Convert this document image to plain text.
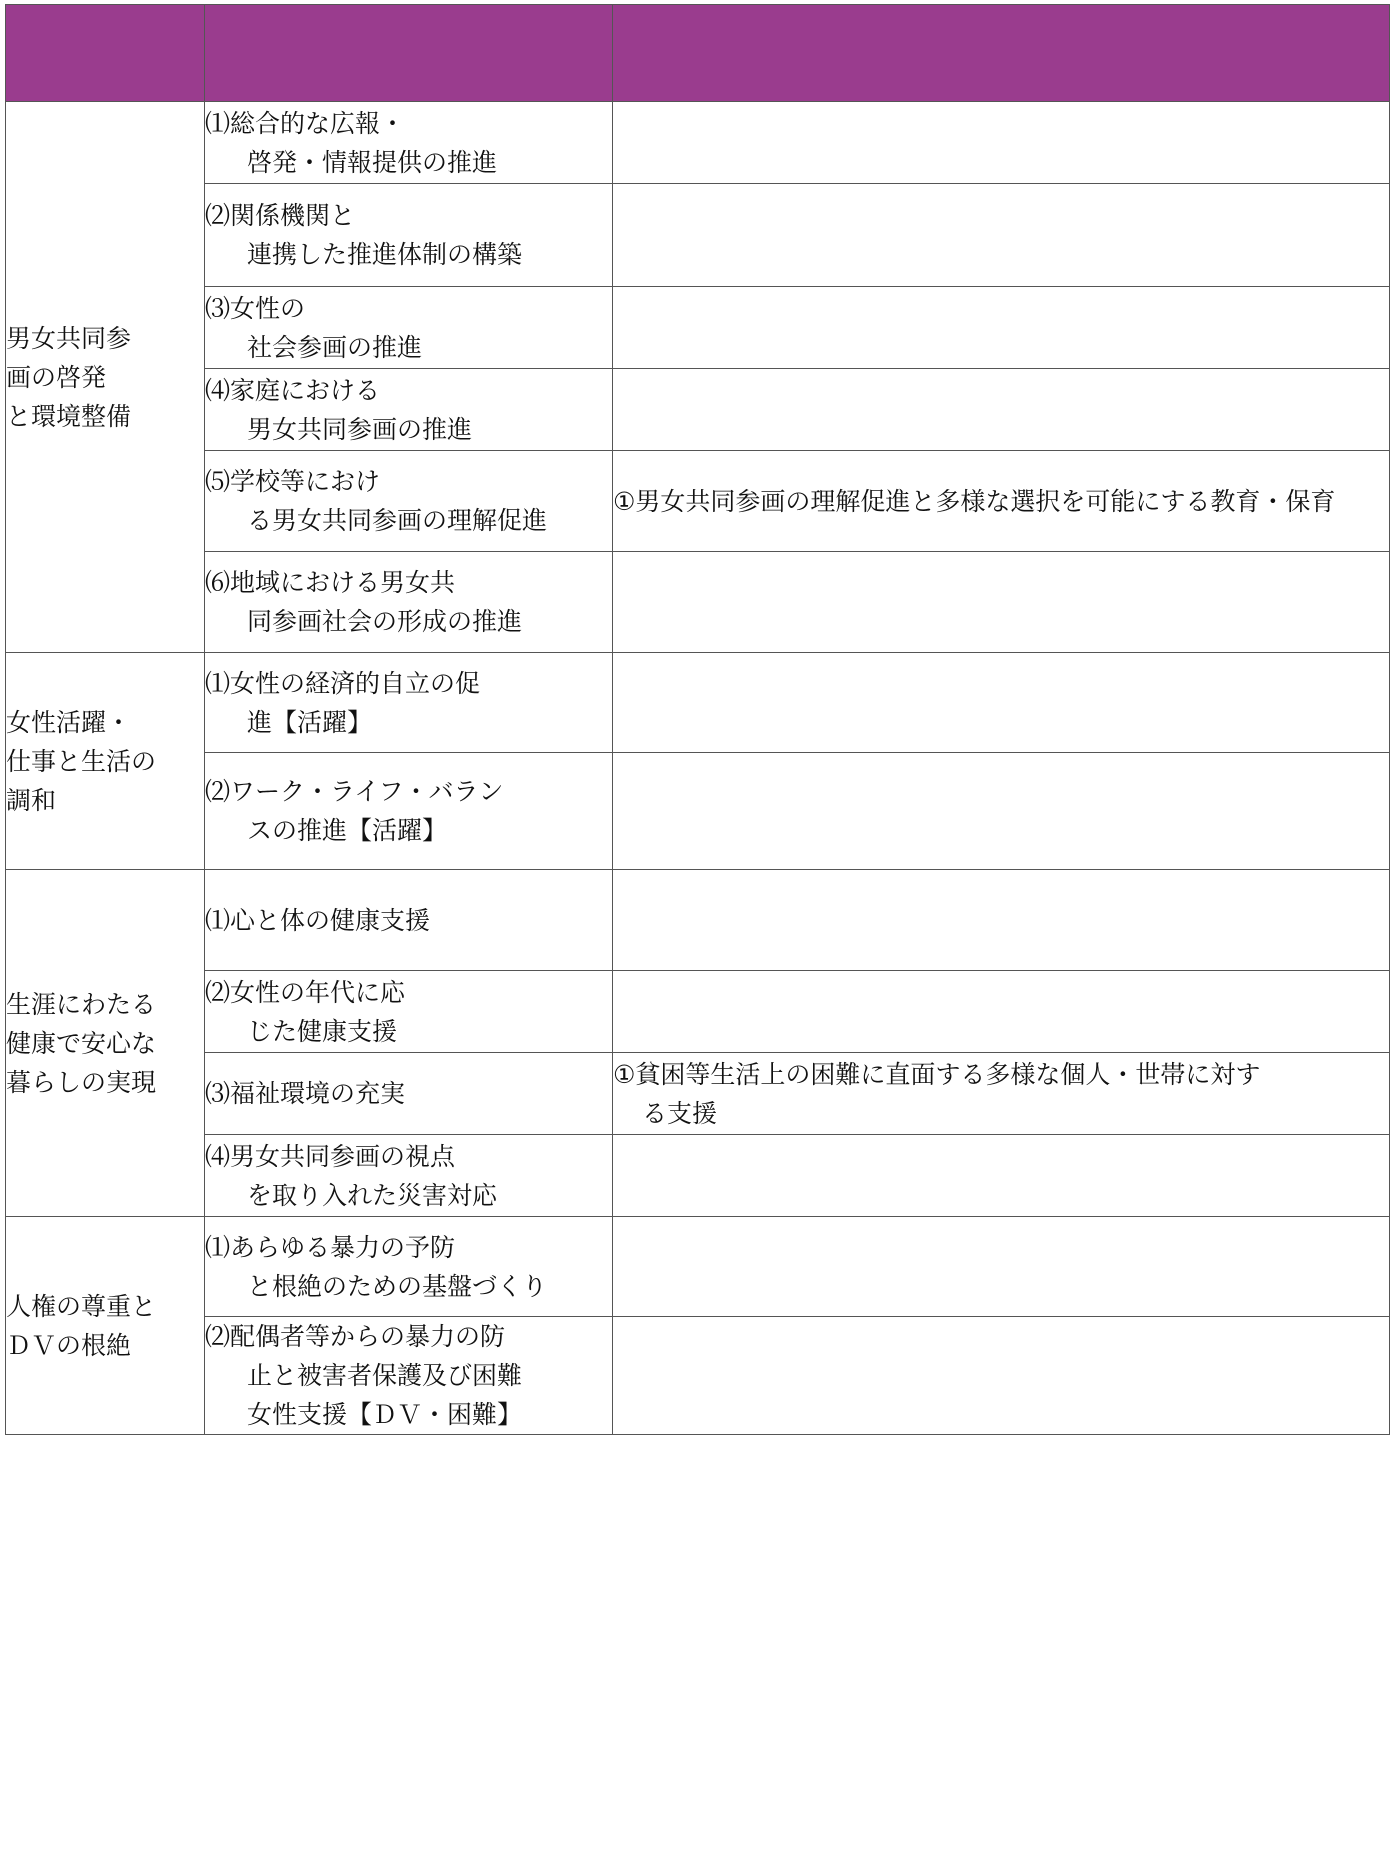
男女共同参
画の啓発
と環境整備	⑴総合的な広報・
啓発・情報提供の推進	

	⑵関係機関と
連携した推進体制の構築	

	⑶女性の
社会参画の推進	

	⑷家庭における
男女共同参画の推進	

	⑸学校等におけ
る男女共同参画の理解促進	①男女共同参画の理解促進と多様な選択を可能にする教育・保育

	⑹地域における男女共
同参画社会の形成の推進	

女性活躍・
仕事と生活の
調和	⑴女性の経済的自立の促
進【活躍】	

	⑵ワーク・ライフ・バラン
スの推進【活躍】	

生涯にわたる
健康で安心な
暮らしの実現	⑴心と体の健康支援	

	⑵女性の年代に応
じた健康支援	

	⑶福祉環境の充実	①貧困等生活上の困難に直面する多様な個人・世帯に対す
る支援

	⑷男女共同参画の視点
を取り入れた災害対応	

人権の尊重と
ＤＶの根絶	⑴あらゆる暴力の予防
と根絶のための基盤づくり	

	⑵配偶者等からの暴力の防
止と被害者保護及び困難
女性支援【ＤＶ・困難】	
